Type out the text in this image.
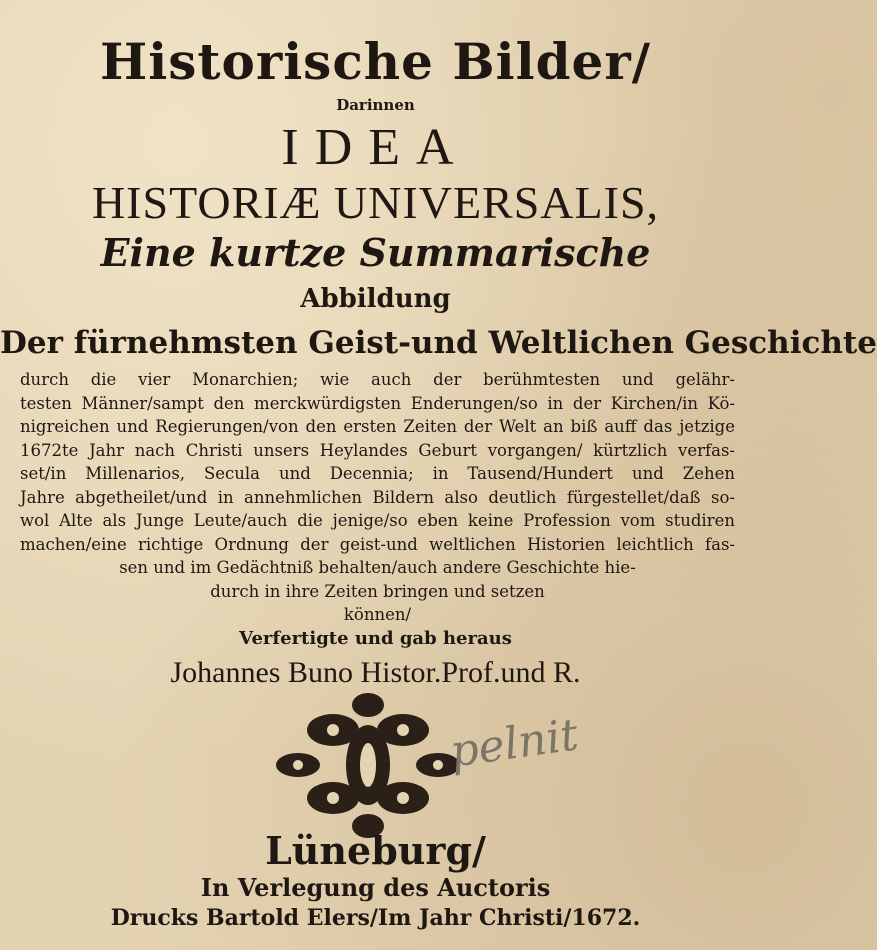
Historische Bilder/
Darinnen
IDEA
HISTORIÆ UNIVERSALIS,
Eine kurtze Summarische
Abbildung
Der fürnehmsten Geist-und Weltlichen Geschichte
durch die vier Monarchien; wie auch der berühmtesten und gelähr-
testen Männer/sampt den merckwürdigsten Enderungen/so in der Kirchen/in Kö-
nigreichen und Regierungen/von den ersten Zeiten der Welt an biß auff das jetzige
1672te Jahr nach Christi unsers Heylandes Geburt vorgangen/ kürtzlich verfas-
set/in Millenarios, Secula und Decennia; in Tausend/Hundert und Zehen
Jahre abgetheilet/und in annehmlichen Bildern also deutlich fürgestellet/daß so-
wol Alte als Junge Leute/auch die jenige/so eben keine Profession vom studiren
machen/eine richtige Ordnung der geist-und weltlichen Historien leichtlich fas-
sen und im Gedächtniß behalten/auch andere Geschichte hie-
durch in ihre Zeiten bringen und setzen
können/
Verfertigte und gab heraus
Johannes Buno Histor.Prof.und R.
pelnit
Lüneburg/
In Verlegung des Auctoris
Drucks Bartold Elers/Im Jahr Christi/1672.
